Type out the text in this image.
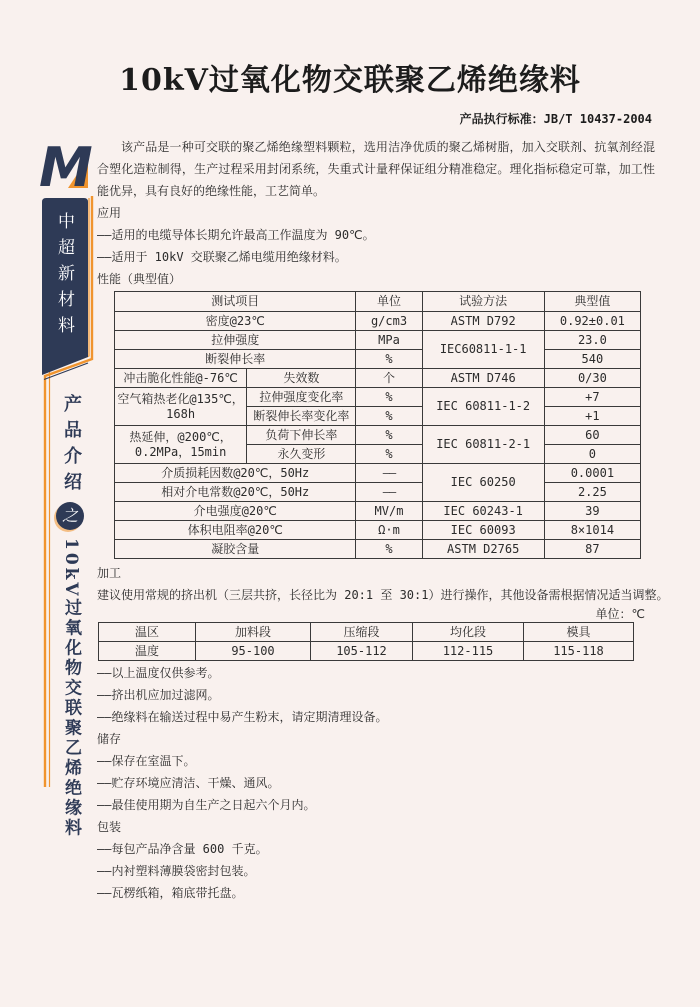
M
中超新材料
产品介绍
之
10kV过氧化物交联聚乙烯绝缘料
10kV过氧化物交联聚乙烯绝缘料
产品执行标准：JB/T 10437-2004
该产品是一种可交联的聚乙烯绝缘塑料颗粒，选用洁净优质的聚乙烯树脂，加入交联剂、抗氧剂经混合塑化造粒制得，生产过程采用封闭系统，失重式计量秤保证组分精准稳定。理化指标稳定可靠，加工性能优异，具有良好的绝缘性能，工艺简单。
应用
——适用的电缆导体长期允许最高工作温度为 90℃。
——适用于 10kV 交联聚乙烯电缆用绝缘材料。
性能（典型值）
测试项目		单位	试验方法	典型值
密度@23℃		g/cm3	ASTM D792	0.92±0.01
拉伸强度		MPa	IEC60811-1-1	23.0
断裂伸长率		%		540
冲击脆化性能@-76℃	失效数	个	ASTM D746	0/30
空气箱热老化@135℃，168h	拉伸强度变化率	%	IEC 60811-1-2	+7
	断裂伸长率变化率	%		+1
热延伸，@200℃， 0.2MPa，15min	负荷下伸长率	%	IEC 60811-2-1	60
	永久变形	%		0
介质损耗因数@20℃，50Hz		——	IEC 60250	0.0001
相对介电常数@20℃，50Hz		——		2.25
介电强度@20℃		MV/m	IEC 60243-1	39
体积电阻率@20℃		Ω·m	IEC 60093	8×1014
凝胶含量		%	ASTM D2765	87
加工
建议使用常规的挤出机（三层共挤，长径比为 20:1 至 30:1）进行操作，其他设备需根据情况适当调整。
单位：℃
温区	加料段	压缩段	均化段	模具
温度	95-100	105-112	112-115	115-118
——以上温度仅供参考。
——挤出机应加过滤网。
——绝缘料在输送过程中易产生粉末，请定期清理设备。
储存
——保存在室温下。
——贮存环境应清洁、干燥、通风。
——最佳使用期为自生产之日起六个月内。
包装
——每包产品净含量 600 千克。
——内衬塑料薄膜袋密封包装。
——瓦楞纸箱，箱底带托盘。
